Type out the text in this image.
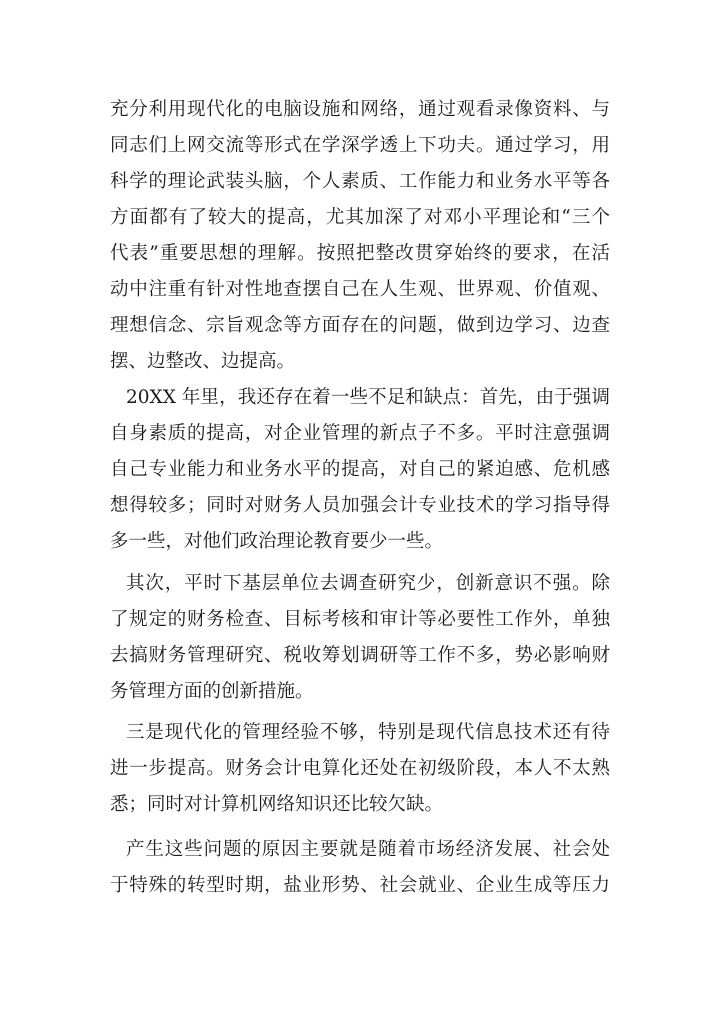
充分利用现代化的电脑设施和网络，通过观看录像资料、与
同志们上网交流等形式在学深学透上下功夫。通过学习，用
科学的理论武装头脑，个人素质、工作能力和业务水平等各
方面都有了较大的提高，尤其加深了对邓小平理论和“三个
代表”重要思想的理解。按照把整改贯穿始终的要求，在活
动中注重有针对性地查摆自己在人生观、世界观、价值观、
理想信念、宗旨观念等方面存在的问题，做到边学习、边查
摆、边整改、边提高。
20XX 年里，我还存在着一些不足和缺点：首先，由于强调
自身素质的提高，对企业管理的新点子不多。平时注意强调
自己专业能力和业务水平的提高，对自己的紧迫感、危机感
想得较多；同时对财务人员加强会计专业技术的学习指导得
多一些，对他们政治理论教育要少一些。
其次，平时下基层单位去调查研究少，创新意识不强。除
了规定的财务检查、目标考核和审计等必要性工作外，单独
去搞财务管理研究、税收筹划调研等工作不多，势必影响财
务管理方面的创新措施。
三是现代化的管理经验不够，特别是现代信息技术还有待
进一步提高。财务会计电算化还处在初级阶段，本人不太熟
悉；同时对计算机网络知识还比较欠缺。
产生这些问题的原因主要就是随着市场经济发展、社会处
于特殊的转型时期，盐业形势、社会就业、企业生成等压力
